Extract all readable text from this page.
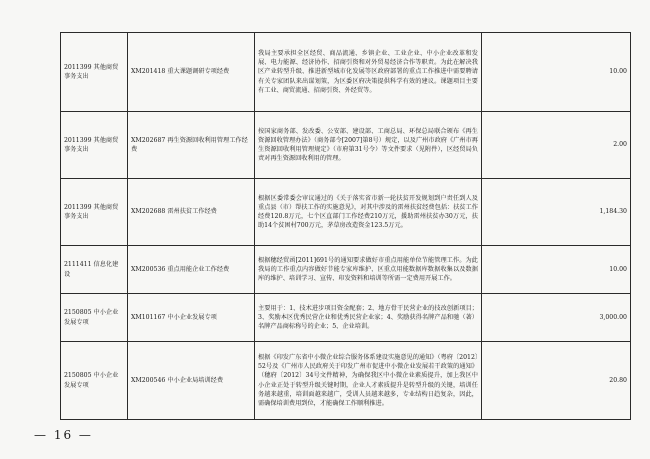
2011399 其他商贸事务支出	XM201418 重大课题调研专项经费	我局主要承担全区经贸、商品流通、乡镇企业、工业企业、中小企业改革和发展、电力能源、经济协作、招商引资和对外贸易经济合作等职责。为此在解决我区产业转型升级、推进新型城市化发展等区政府部署的重点工作推进中需要聘请有关专家团队来出谋划策，为区委区府决策提供科学有效的建议。课题项目主要有工业、商贸流通、招商引资、外经贸等。	10.00
2011399 其他商贸事务支出	XM202687 再生资源回收利用管理工作经费	按国家商务部、发改委、公安部、建设部、工商总局、环保总局联合颁布《再生资源回收管理办法》（商务部令[2007]第8号）规定，以及广州市政府《广州市再生资源回收利用管理规定》（市府第31号令）等文件要求（见附件），区经贸局负责对再生资源回收利用的管理。	2.00
2011399 其他商贸事务支出	XM202688 雷州扶贫工作经费	根据区委常委会审议通过的《关于落实省市新一轮扶贫开发规划到户责任到人及重点县（市）帮扶工作的实施意见》，对其中涉及的雷州扶贫经费包括：扶贫工作经费120.8万元，七个区直部门工作经费210万元，援助雷州扶贫办30万元，扶助14个贫困村700万元，茅草房改造资金123.5万元。	1,184.30
2111411 信息化建设	XM200536 重点用能企业工作经费	根据穗经贸函[2011]691号的通知要求做好市重点用能单位节能管理工作。为此我局的工作重点内容做好节能专家库维护、区重点用能数据库数据收集以及数据库的维护、培训学习、宣传、印发资料和培训等所需一定费用开展工作。	10.00
2150805 中小企业发展专项	XM101167 中小企业发展专项	主要用于：1、技术进步项目资金配套；2、地方骨干民营企业的技改创新项目；3、奖励本区优秀民营企业和优秀民营企业家；4、奖励获得名牌产品和驰（著）名牌产品商标称号的企业；5、企业培训。	3,000.00
2150805 中小企业发展专项	XM200546 中小企业局培训经费	根据《印发广东省中小微企业综合服务体系建设实施意见的通知》（粤府〔2012〕52号及《广州市人民政府关于印发广州市促进中小微企业发展若干政策的通知》（穗府〔2012〕34号文件精神，为确保我区中小微企业素质提升，加上我区中小企业正处于转型升级关键时期，企业人才素质提升是转型升级的关键，培训任务越来越重，培训面越来越广，受训人员越来越多，专业结构日趋复杂，因此，需确保培训费用到位，才能确保工作顺利推进。	20.80
— 16 —
